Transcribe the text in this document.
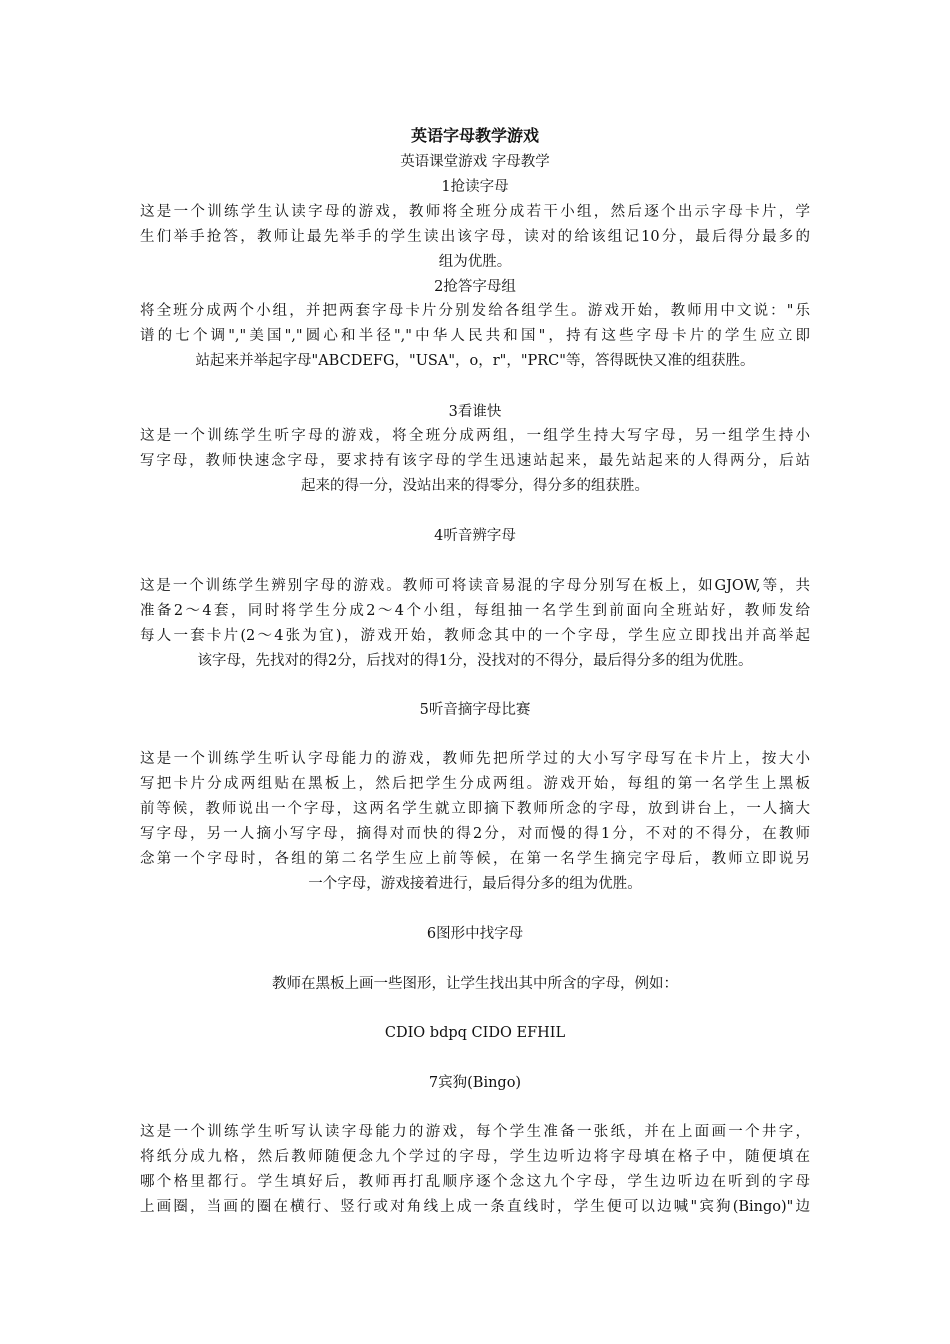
英语字母教学游戏
英语课堂游戏 字母教学
1抢读字母
这是一个训练学生认读字母的游戏，教师将全班分成若干小组，然后逐个出示字母卡片，学
生们举手抢答，教师让最先举手的学生读出该字母，读对的给该组记10分，最后得分最多的
组为优胜。
2抢答字母组
将全班分成两个小组，并把两套字母卡片分别发给各组学生。游戏开始，教师用中文说："乐
谱的七个调","美国","圆心和半径","中华人民共和国"，持有这些字母卡片的学生应立即
站起来并举起字母"ABCDEFG，"USA"，o，r"，"PRC"等，答得既快又准的组获胜。
3看谁快
这是一个训练学生听字母的游戏，将全班分成两组，一组学生持大写字母，另一组学生持小
写字母，教师快速念字母，要求持有该字母的学生迅速站起来，最先站起来的人得两分，后站
起来的得一分，没站出来的得零分，得分多的组获胜。
4听音辨字母
这是一个训练学生辨别字母的游戏。教师可将读音易混的字母分别写在板上，如GJOW,等，共
准备2～4套，同时将学生分成2～4个小组，每组抽一名学生到前面向全班站好，教师发给
每人一套卡片(2～4张为宜)，游戏开始，教师念其中的一个字母，学生应立即找出并高举起
该字母，先找对的得2分，后找对的得1分，没找对的不得分，最后得分多的组为优胜。
5听音摘字母比赛
这是一个训练学生听认字母能力的游戏，教师先把所学过的大小写字母写在卡片上，按大小
写把卡片分成两组贴在黑板上，然后把学生分成两组。游戏开始，每组的第一名学生上黑板
前等候，教师说出一个字母，这两名学生就立即摘下教师所念的字母，放到讲台上，一人摘大
写字母，另一人摘小写字母，摘得对而快的得2分，对而慢的得1分，不对的不得分，在教师
念第一个字母时，各组的第二名学生应上前等候，在第一名学生摘完字母后，教师立即说另
一个字母，游戏接着进行，最后得分多的组为优胜。
6图形中找字母
教师在黑板上画一些图形，让学生找出其中所含的字母，例如：
CDIO bdpq CIDO EFHIL
7宾狗(Bingo)
这是一个训练学生听写认读字母能力的游戏，每个学生准备一张纸，并在上面画一个井字，
将纸分成九格，然后教师随便念九个学过的字母，学生边听边将字母填在格子中，随便填在
哪个格里都行。学生填好后，教师再打乱顺序逐个念这九个字母，学生边听边在听到的字母
上画圈，当画的圈在横行、竖行或对角线上成一条直线时，学生便可以边喊"宾狗(Bingo)"边
